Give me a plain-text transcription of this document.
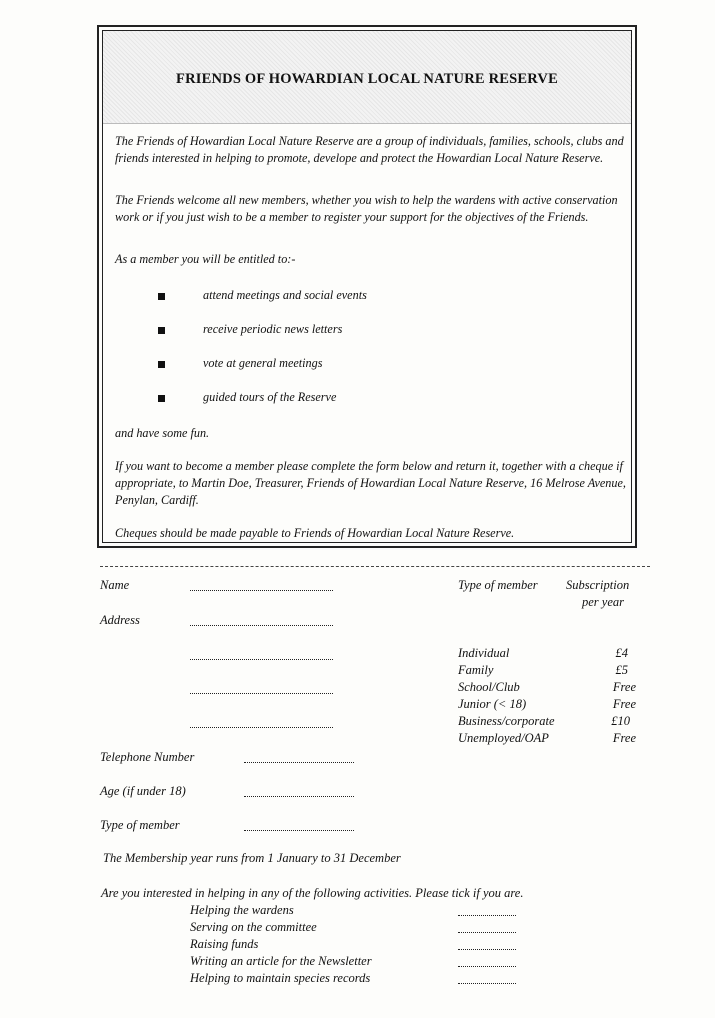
FRIENDS OF HOWARDIAN LOCAL NATURE RESERVE
The Friends of Howardian Local Nature Reserve are a group of individuals, families, schools, clubs and friends interested in helping to promote, develope and protect the Howardian Local Nature Reserve.
The Friends welcome all new members, whether you wish to help the wardens with active conservation work or if you just wish to be a member to register your support for the objectives of the Friends.
As a member you will be entitled to:-
attend meetings and social events
receive periodic news letters
vote at general meetings
guided tours of the Reserve
and have some fun.
If you want to become a member please complete the form below and return it, together with a cheque if appropriate, to Martin Doe, Treasurer, Friends of Howardian Local Nature Reserve, 16 Melrose Avenue, Penylan, Cardiff.
Cheques should be made payable to Friends of Howardian Local Nature Reserve.
Name
Address
Telephone Number
Age (if under 18)
Type of member
Type of member Subscription
per year
Individual	£4
Family	£5
School/Club	Free
Junior (< 18)	Free
Business/corporate	£10
Unemployed/OAP	Free
The Membership year runs from 1 January to 31 December
Are you interested in helping in any of the following activities. Please tick if you are.
Helping the wardens
Serving on the committee
Raising funds
Writing an article for the Newsletter
Helping to maintain species records
